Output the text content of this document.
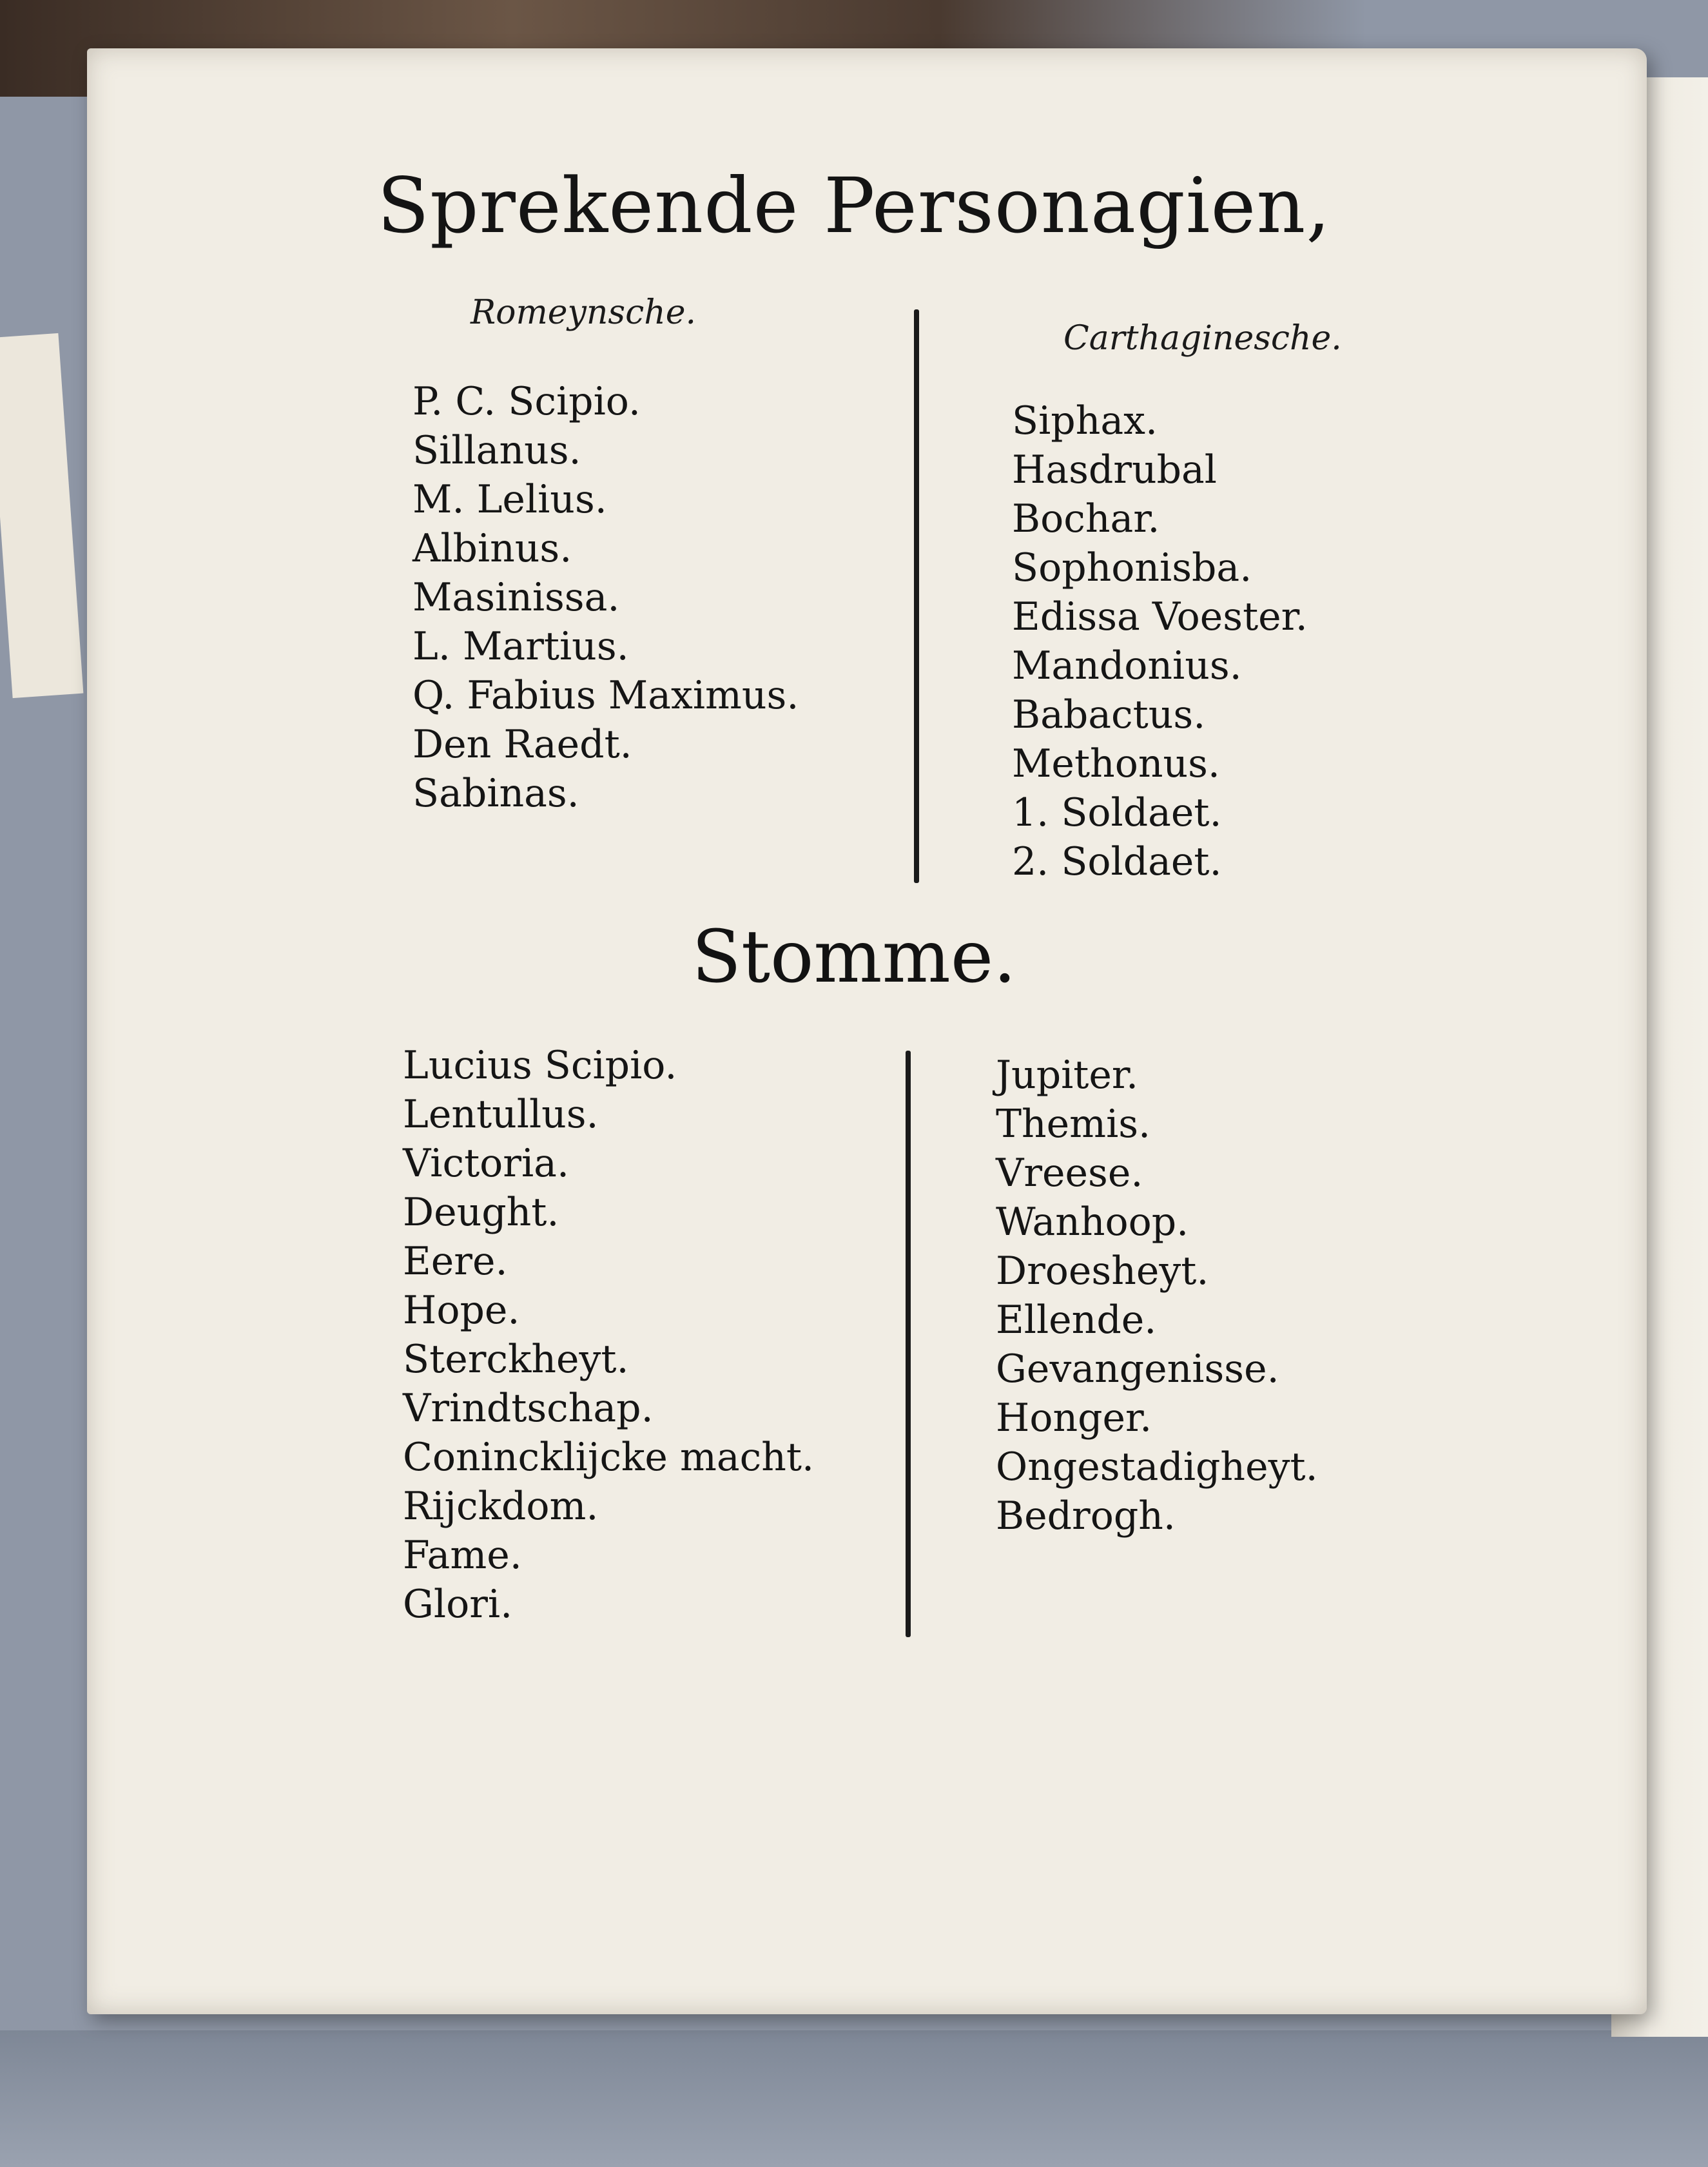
Sprekende Personagien,
Romeynsche.
Carthaginesche.
P. C. Scipio.
Sillanus.
M. Lelius.
Albinus.
Masinissa.
L. Martius.
Q. Fabius Maximus.
Den Raedt.
Sabinas.
Siphax.
Hasdrubal
Bochar.
Sophonisba.
Edissa Voester.
Mandonius.
Babactus.
Methonus.
1. Soldaet.
2. Soldaet.
Stomme.
Lucius Scipio.
Lentullus.
Victoria.
Deught.
Eere.
Hope.
Sterckheyt.
Vrindtschap.
Conincklijcke macht.
Rijckdom.
Fame.
Glori.
Jupiter.
Themis.
Vreese.
Wanhoop.
Droesheyt.
Ellende.
Gevangenisse.
Honger.
Ongestadigheyt.
Bedrogh.
